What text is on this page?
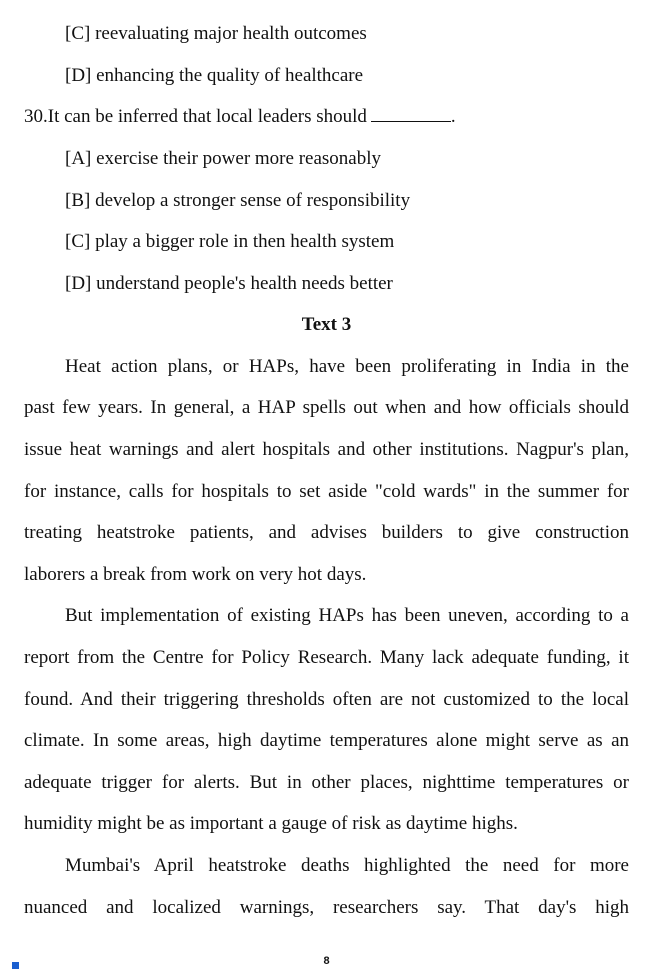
[C] reevaluating major health outcomes
[D] enhancing the quality of healthcare
30.It can be inferred that local leaders should	.
[A] exercise their power more reasonably
[B] develop a stronger sense of responsibility
[C] play a bigger role in then health system
[D] understand people's health needs better
Text 3
Heat action plans, or HAPs, have been proliferating in India in the
past few years. In general, a HAP spells out when and how officials should
issue heat warnings and alert hospitals and other institutions. Nagpur's plan,
for instance, calls for hospitals to set aside "cold wards" in the summer for
treating heatstroke patients, and advises builders to give construction
laborers a break from work on very hot days.
But implementation of existing HAPs has been uneven, according to a
report from the Centre for Policy Research. Many lack adequate funding, it
found. And their triggering thresholds often are not customized to the local
climate. In some areas, high daytime temperatures alone might serve as an
adequate trigger for alerts. But in other places, nighttime temperatures or
humidity might be as important a gauge of risk as daytime highs.
Mumbai's April heatstroke deaths highlighted the need for more
nuanced and localized warnings, researchers say. That day's high
8
